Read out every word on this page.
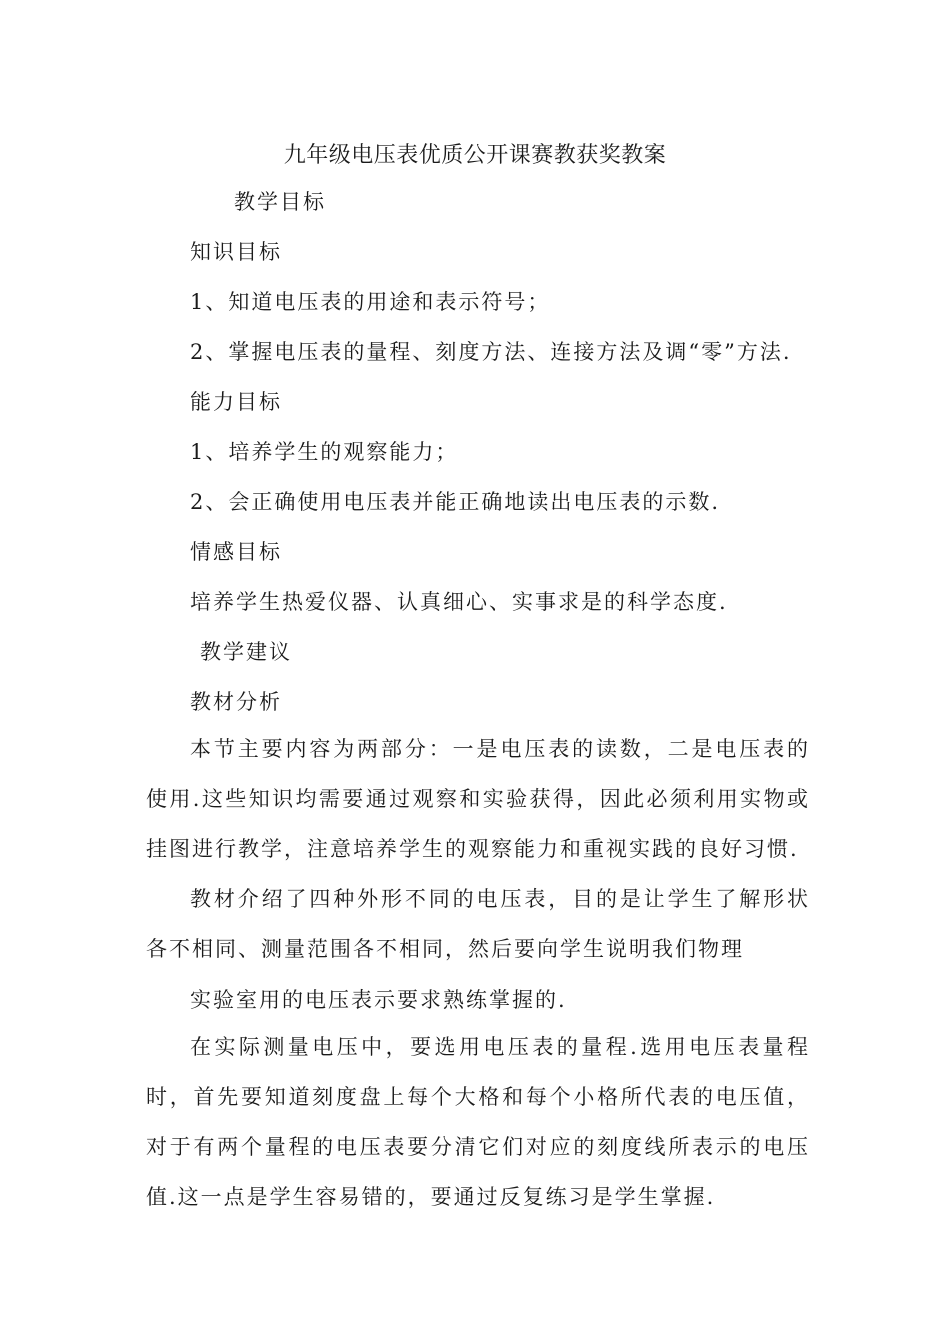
九年级电压表优质公开课赛教获奖教案
教学目标
知识目标
1、知道电压表的用途和表示符号；
2、掌握电压表的量程、刻度方法、连接方法及调“零”方法.
能力目标
1、培养学生的观察能力；
2、会正确使用电压表并能正确地读出电压表的示数.
情感目标
培养学生热爱仪器、认真细心、实事求是的科学态度.
教学建议
教材分析

本节主要内容为两部分：一是电压表的读数，二是电压表的使用.这些知识均需要通过观察和实验获得，因此必须利用实物或挂图进行教学，注意培养学生的观察能力和重视实践的良好习惯.

教材介绍了四种外形不同的电压表，目的是让学生了解形状各不相同、测量范围各不相同，然后要向学生说明我们物理

实验室用的电压表示要求熟练掌握的.

在实际测量电压中，要选用电压表的量程.选用电压表量程时，首先要知道刻度盘上每个大格和每个小格所代表的电压值，对于有两个量程的电压表要分清它们对应的刻度线所表示的电压值.这一点是学生容易错的，要通过反复练习是学生掌握.
